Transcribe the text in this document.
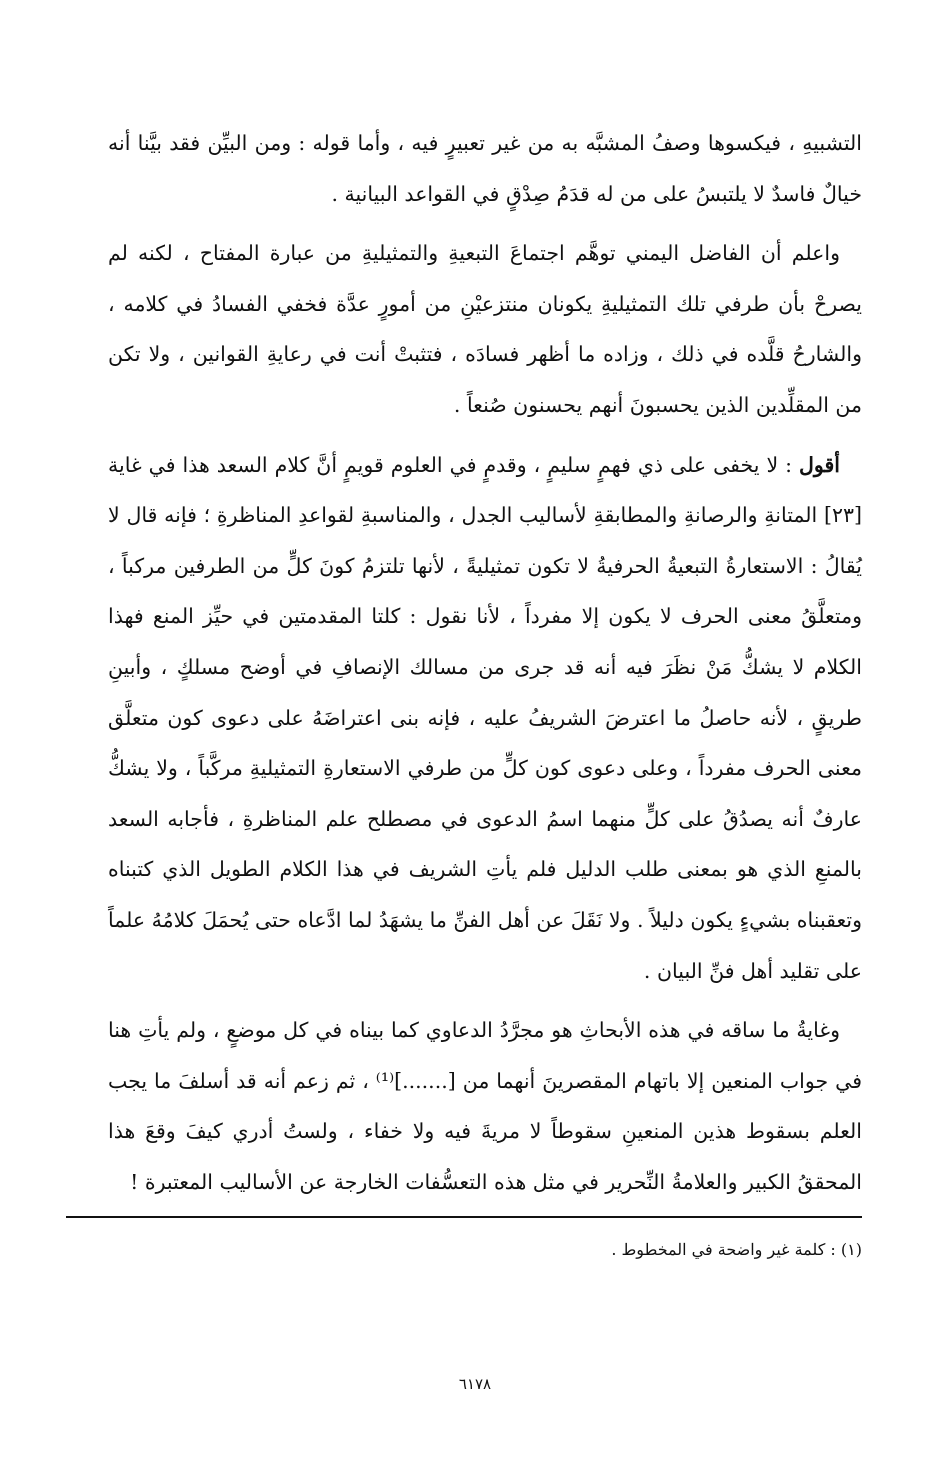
التشبيهِ ، فيكسوها وصفُ المشبَّه به من غير تعبيرٍ فيه ، وأما قوله : ومن البيِّن فقد بيَّنا أنه خيالٌ فاسدٌ لا يلتبسُ على من له قدَمُ صِدْقٍ في القواعد البيانية .

واعلم أن الفاضل اليمني توهَّم اجتماعَ التبعيةِ والتمثيليةِ من عبارة المفتاح ، لكنه لم يصرحْ بأن طرفي تلك التمثيليةِ يكونان منتزعيْنِ من أمورٍ عدَّة فخفي الفسادُ في كلامه ، والشارحُ قلَّده في ذلك ، وزاده ما أظهر فسادَه ، فتثبتْ أنت في رعايةِ القوانين ، ولا تكن من المقلِّدين الذين يحسبونَ أنهم يحسنون صُنعاً .

أقول : لا يخفى على ذي فهمٍ سليمٍ ، وقدمٍ في العلوم قويمٍ أنَّ كلام السعد هذا في غاية [٢٣] المتانةِ والرصانةِ والمطابقةِ لأساليب الجدل ، والمناسبةِ لقواعدِ المناظرةِ ؛ فإنه قال لا يُقالُ : الاستعارةُ التبعيةُ الحرفيةُ لا تكون تمثيليةً ، لأنها تلتزمُ كونَ كلٍّ من الطرفين مركباً ، ومتعلَّقُ معنى الحرف لا يكون إلا مفرداً ، لأنا نقول : كلتا المقدمتين في حيِّز المنع فهذا الكلام لا يشكُّ مَنْ نظَرَ فيه أنه قد جرى من مسالك الإنصافِ في أوضح مسلكٍ ، وأبينِ طريقٍ ، لأنه حاصلُ ما اعترضَ الشريفُ عليه ، فإنه بنى اعتراضَهُ على دعوى كون متعلَّق معنى الحرف مفرداً ، وعلى دعوى كون كلٍّ من طرفي الاستعارةِ التمثيليةِ مركَّباً ، ولا يشكُّ عارفٌ أنه يصدُقُ على كلٍّ منهما اسمُ الدعوى في مصطلح علم المناظرةِ ، فأجابه السعد بالمنعِ الذي هو بمعنى طلب الدليل فلم يأتِ الشريف في هذا الكلام الطويل الذي كتبناه وتعقبناه بشيءٍ يكون دليلاً . ولا نَقَلَ عن أهل الفنِّ ما يشهَدُ لما ادَّعاه حتى يُحمَلَ كلامُهُ علماً على تقليد أهل فنِّ البيان .

وغايةُ ما ساقه في هذه الأبحاثِ هو مجرَّدُ الدعاوي كما بيناه في كل موضعٍ ، ولم يأتِ هنا في جواب المنعين إلا باتهام المقصرينَ أنهما من [.......]⁽¹⁾ ، ثم زعم أنه قد أسلفَ ما يجب العلم بسقوط هذين المنعينِ سقوطاً لا مريةَ فيه ولا خفاء ، ولستُ أدري كيفَ وقعَ هذا المحققُ الكبير والعلامةُ النِّحرير في مثل هذه التعسُّفات الخارجة عن الأساليب المعتبرة !

(١) : كلمة غير واضحة في المخطوط .
٦١٧٨
